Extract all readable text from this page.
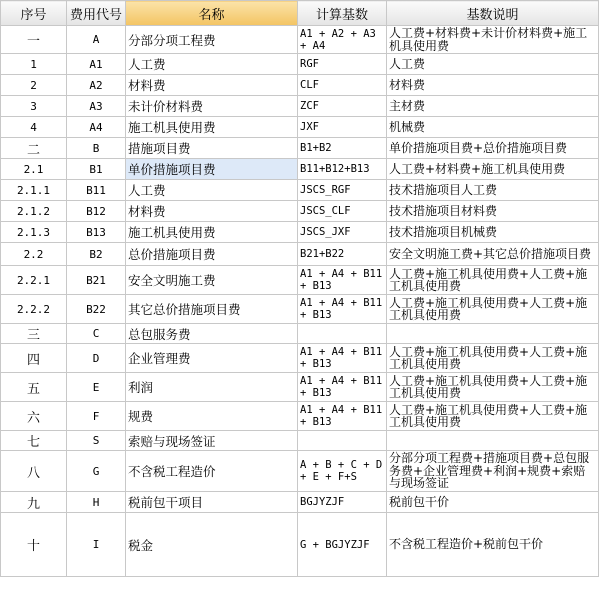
序号	费用代号	名称	计算基数	基数说明
一	A	分部分项工程费	A1 + A2 + A3 + A4	人工费+材料费+未计价材料费+施工机具使用费
1	A1	人工费	RGF	人工费
2	A2	材料费	CLF	材料费
3	A3	未计价材料费	ZCF	主材费
4	A4	施工机具使用费	JXF	机械费
二	B	措施项目费	B1+B2	单价措施项目费+总价措施项目费
2.1	B1	单价措施项目费	B11+B12+B13	人工费+材料费+施工机具使用费
2.1.1	B11	人工费	JSCS_RGF	技术措施项目人工费
2.1.2	B12	材料费	JSCS_CLF	技术措施项目材料费
2.1.3	B13	施工机具使用费	JSCS_JXF	技术措施项目机械费
2.2	B2	总价措施项目费	B21+B22	安全文明施工费+其它总价措施项目费
2.2.1	B21	安全文明施工费	A1 + A4 + B11 + B13	人工费+施工机具使用费+人工费+施工机具使用费
2.2.2	B22	其它总价措施项目费	A1 + A4 + B11 + B13	人工费+施工机具使用费+人工费+施工机具使用费
三	C	总包服务费		
四	D	企业管理费	A1 + A4 + B11 + B13	人工费+施工机具使用费+人工费+施工机具使用费
五	E	利润	A1 + A4 + B11 + B13	人工费+施工机具使用费+人工费+施工机具使用费
六	F	规费	A1 + A4 + B11 + B13	人工费+施工机具使用费+人工费+施工机具使用费
七	S	索赔与现场签证		
八	G	不含税工程造价	A + B + C + D + E + F+S	分部分项工程费+措施项目费+总包服务费+企业管理费+利润+规费+索赔与现场签证
九	H	税前包干项目	BGJYZJF	税前包干价
十	I	税金	G + BGJYZJF	不含税工程造价+税前包干价
